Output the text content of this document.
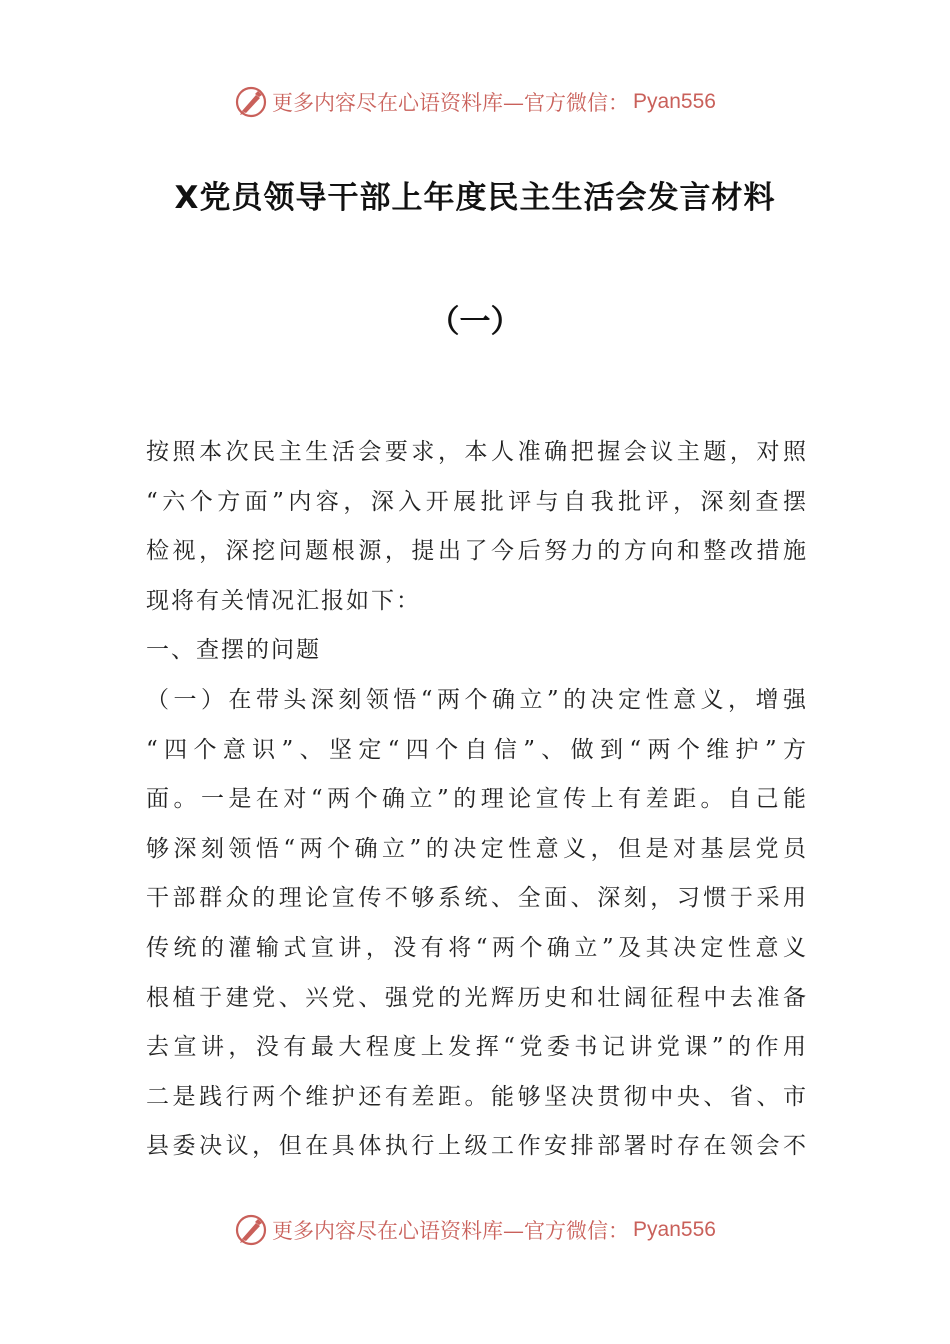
更多内容尽在心语资料库—官方微信： Pyan556
X党员领导干部上年度民主生活会发言材料
（一）
按照本次民主生活会要求，本人准确把握会议主题，对照
“六个方面”内容，深入开展批评与自我批评，深刻查摆
检视，深挖问题根源，提出了今后努力的方向和整改措施
现将有关情况汇报如下：
一、查摆的问题
（一）在带头深刻领悟“两个确立”的决定性意义，增强
“四个意识”、坚定“四个自信”、做到“两个维护”方
面。一是在对“两个确立”的理论宣传上有差距。自己能
够深刻领悟“两个确立”的决定性意义，但是对基层党员
干部群众的理论宣传不够系统、全面、深刻，习惯于采用
传统的灌输式宣讲，没有将“两个确立”及其决定性意义
根植于建党、兴党、强党的光辉历史和壮阔征程中去准备
去宣讲，没有最大程度上发挥“党委书记讲党课”的作用
二是践行两个维护还有差距。能够坚决贯彻中央、省、市
县委决议，但在具体执行上级工作安排部署时存在领会不
更多内容尽在心语资料库—官方微信： Pyan556
